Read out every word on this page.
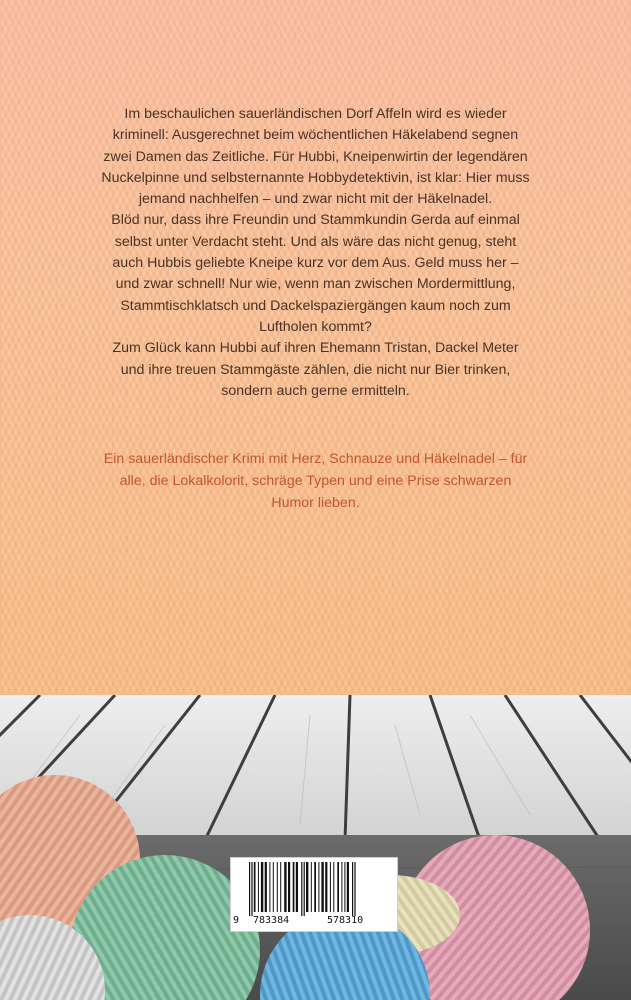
Im beschaulichen sauerländischen Dorf Affeln wird es wieder kriminell: Ausgerechnet beim wöchentlichen Häkelabend segnen zwei Damen das Zeitliche. Für Hubbi, Kneipenwirtin der legendären Nuckelpinne und selbsternannte Hobbydetektivin, ist klar: Hier muss jemand nachhelfen – und zwar nicht mit der Häkelnadel.

Blöd nur, dass ihre Freundin und Stammkundin Gerda auf einmal selbst unter Verdacht steht. Und als wäre das nicht genug, steht auch Hubbis geliebte Kneipe kurz vor dem Aus. Geld muss her – und zwar schnell! Nur wie, wenn man zwischen Mordermittlung, Stammtischklatsch und Dackelspaziergängen kaum noch zum Luftholen kommt?

Zum Glück kann Hubbi auf ihren Ehemann Tristan, Dackel Meter und ihre treuen Stammgäste zählen, die nicht nur Bier trinken, sondern auch gerne ermitteln.

Ein sauerländischer Krimi mit Herz, Schnauze und Häkelnadel – für alle, die Lokalkolorit, schräge Typen und eine Prise schwarzen Humor lieben.
9 783384	578310
